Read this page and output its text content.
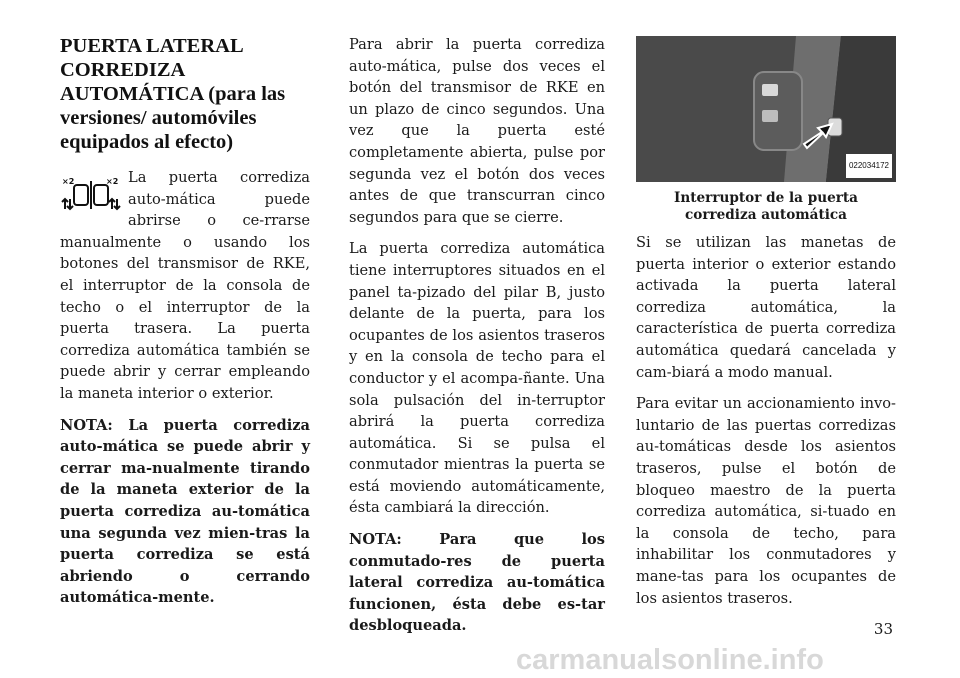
PUERTA LATERAL CORREDIZA AUTOMÁTICA (para las versiones/ automóviles equipados al efecto)
×2	×2 La puerta corrediza auto-mática puede abrirse o ce-rrarse manualmente o usando los botones del transmisor de RKE, el interruptor de la consola de techo o el interruptor de la puerta trasera. La puerta corrediza automática también se puede abrir y cerrar empleando la maneta interior o exterior.

NOTA: La puerta corrediza auto-mática se puede abrir y cerrar ma-nualmente tirando de la maneta exterior de la puerta corrediza au-tomática una segunda vez mien-tras la puerta corrediza se está abriendo o cerrando automática-mente.

Para abrir la puerta corrediza auto-mática, pulse dos veces el botón del transmisor de RKE en un plazo de cinco segundos. Una vez que la puerta esté completamente abierta, pulse por segunda vez el botón dos veces antes de que transcurran cinco segundos para que se cierre.

La puerta corrediza automática tiene interruptores situados en el panel ta-pizado del pilar B, justo delante de la puerta, para los ocupantes de los asientos traseros y en la consola de techo para el conductor y el acompa-ñante. Una sola pulsación del in-terruptor abrirá la puerta corrediza automática. Si se pulsa el conmutador mientras la puerta se está moviendo automáticamente, ésta cambiará la dirección.

NOTA: Para que los conmutado-res de puerta lateral corrediza au-tomática funcionen, ésta debe es-tar desbloqueada.

022034172
Interruptor de la puerta corrediza automática

Si se utilizan las manetas de puerta interior o exterior estando activada la puerta lateral corrediza automática, la característica de puerta corrediza automática quedará cancelada y cam-biará a modo manual.

Para evitar un accionamiento invo-luntario de las puertas corredizas au-tomáticas desde los asientos traseros, pulse el botón de bloqueo maestro de la puerta corrediza automática, si-tuado en la consola de techo, para inhabilitar los conmutadores y mane-tas para los ocupantes de los asientos traseros.

33
carmanualsonline.info
